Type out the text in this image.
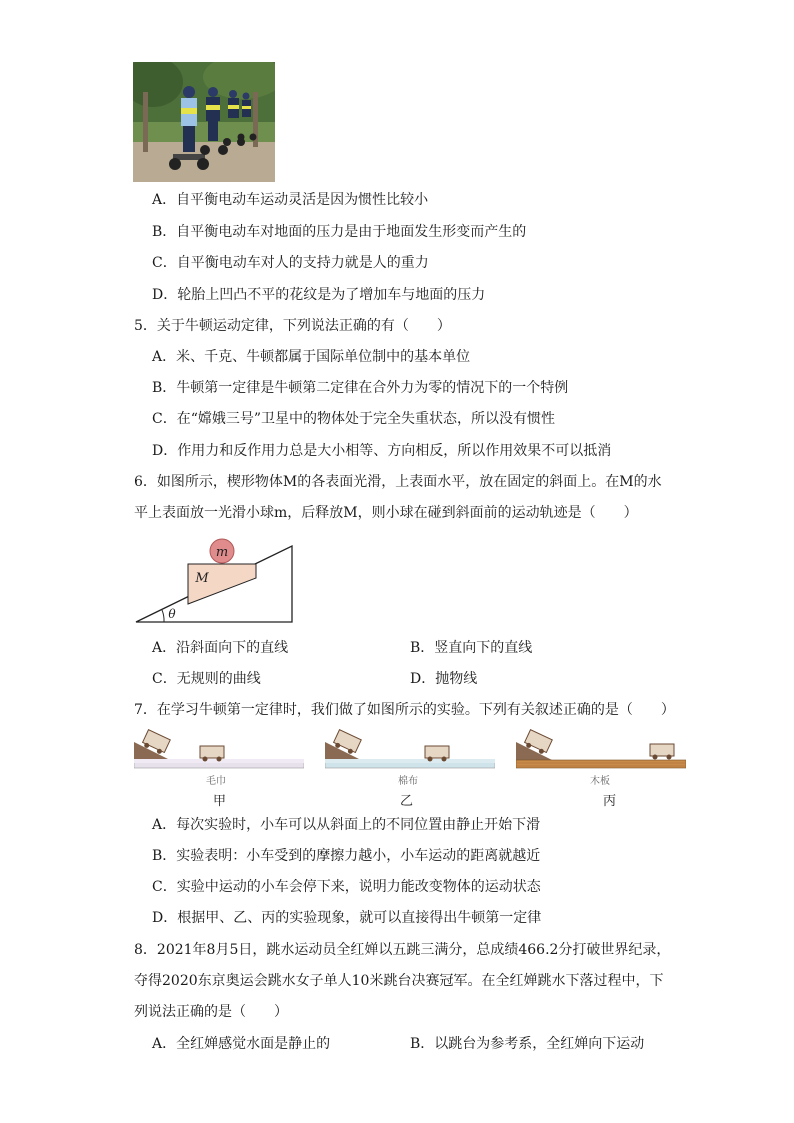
A．自平衡电动车运动灵活是因为惯性比较小
B．自平衡电动车对地面的压力是由于地面发生形变而产生的
C．自平衡电动车对人的支持力就是人的重力
D．轮胎上凹凸不平的花纹是为了增加车与地面的压力
5．关于牛顿运动定律，下列说法正确的有（　　）
A．米、千克、牛顿都属于国际单位制中的基本单位
B．牛顿第一定律是牛顿第二定律在合外力为零的情况下的一个特例
C．在“嫦娥三号”卫星中的物体处于完全失重状态，所以没有惯性
D．作用力和反作用力总是大小相等、方向相反，所以作用效果不可以抵消
6．如图所示，楔形物体M的各表面光滑，上表面水平，放在固定的斜面上。在M的水
平上表面放一光滑小球m，后释放M，则小球在碰到斜面前的运动轨迹是（　　）
m
M
θ
A．沿斜面向下的直线	B．竖直向下的直线
C．无规则的曲线	D．抛物线
7．在学习牛顿第一定律时，我们做了如图所示的实验。下列有关叙述正确的是（　　）
毛巾
甲
棉布
乙
木板
丙
A．每次实验时，小车可以从斜面上的不同位置由静止开始下滑
B．实验表明：小车受到的摩擦力越小，小车运动的距离就越近
C．实验中运动的小车会停下来，说明力能改变物体的运动状态
D．根据甲、乙、丙的实验现象，就可以直接得出牛顿第一定律
8．2021年8月5日，跳水运动员全红婵以五跳三满分，总成绩466.2分打破世界纪录，
夺得2020东京奥运会跳水女子单人10米跳台决赛冠军。在全红婵跳水下落过程中，下
列说法正确的是（　　）
A．全红婵感觉水面是静止的	B．以跳台为参考系，全红婵向下运动
